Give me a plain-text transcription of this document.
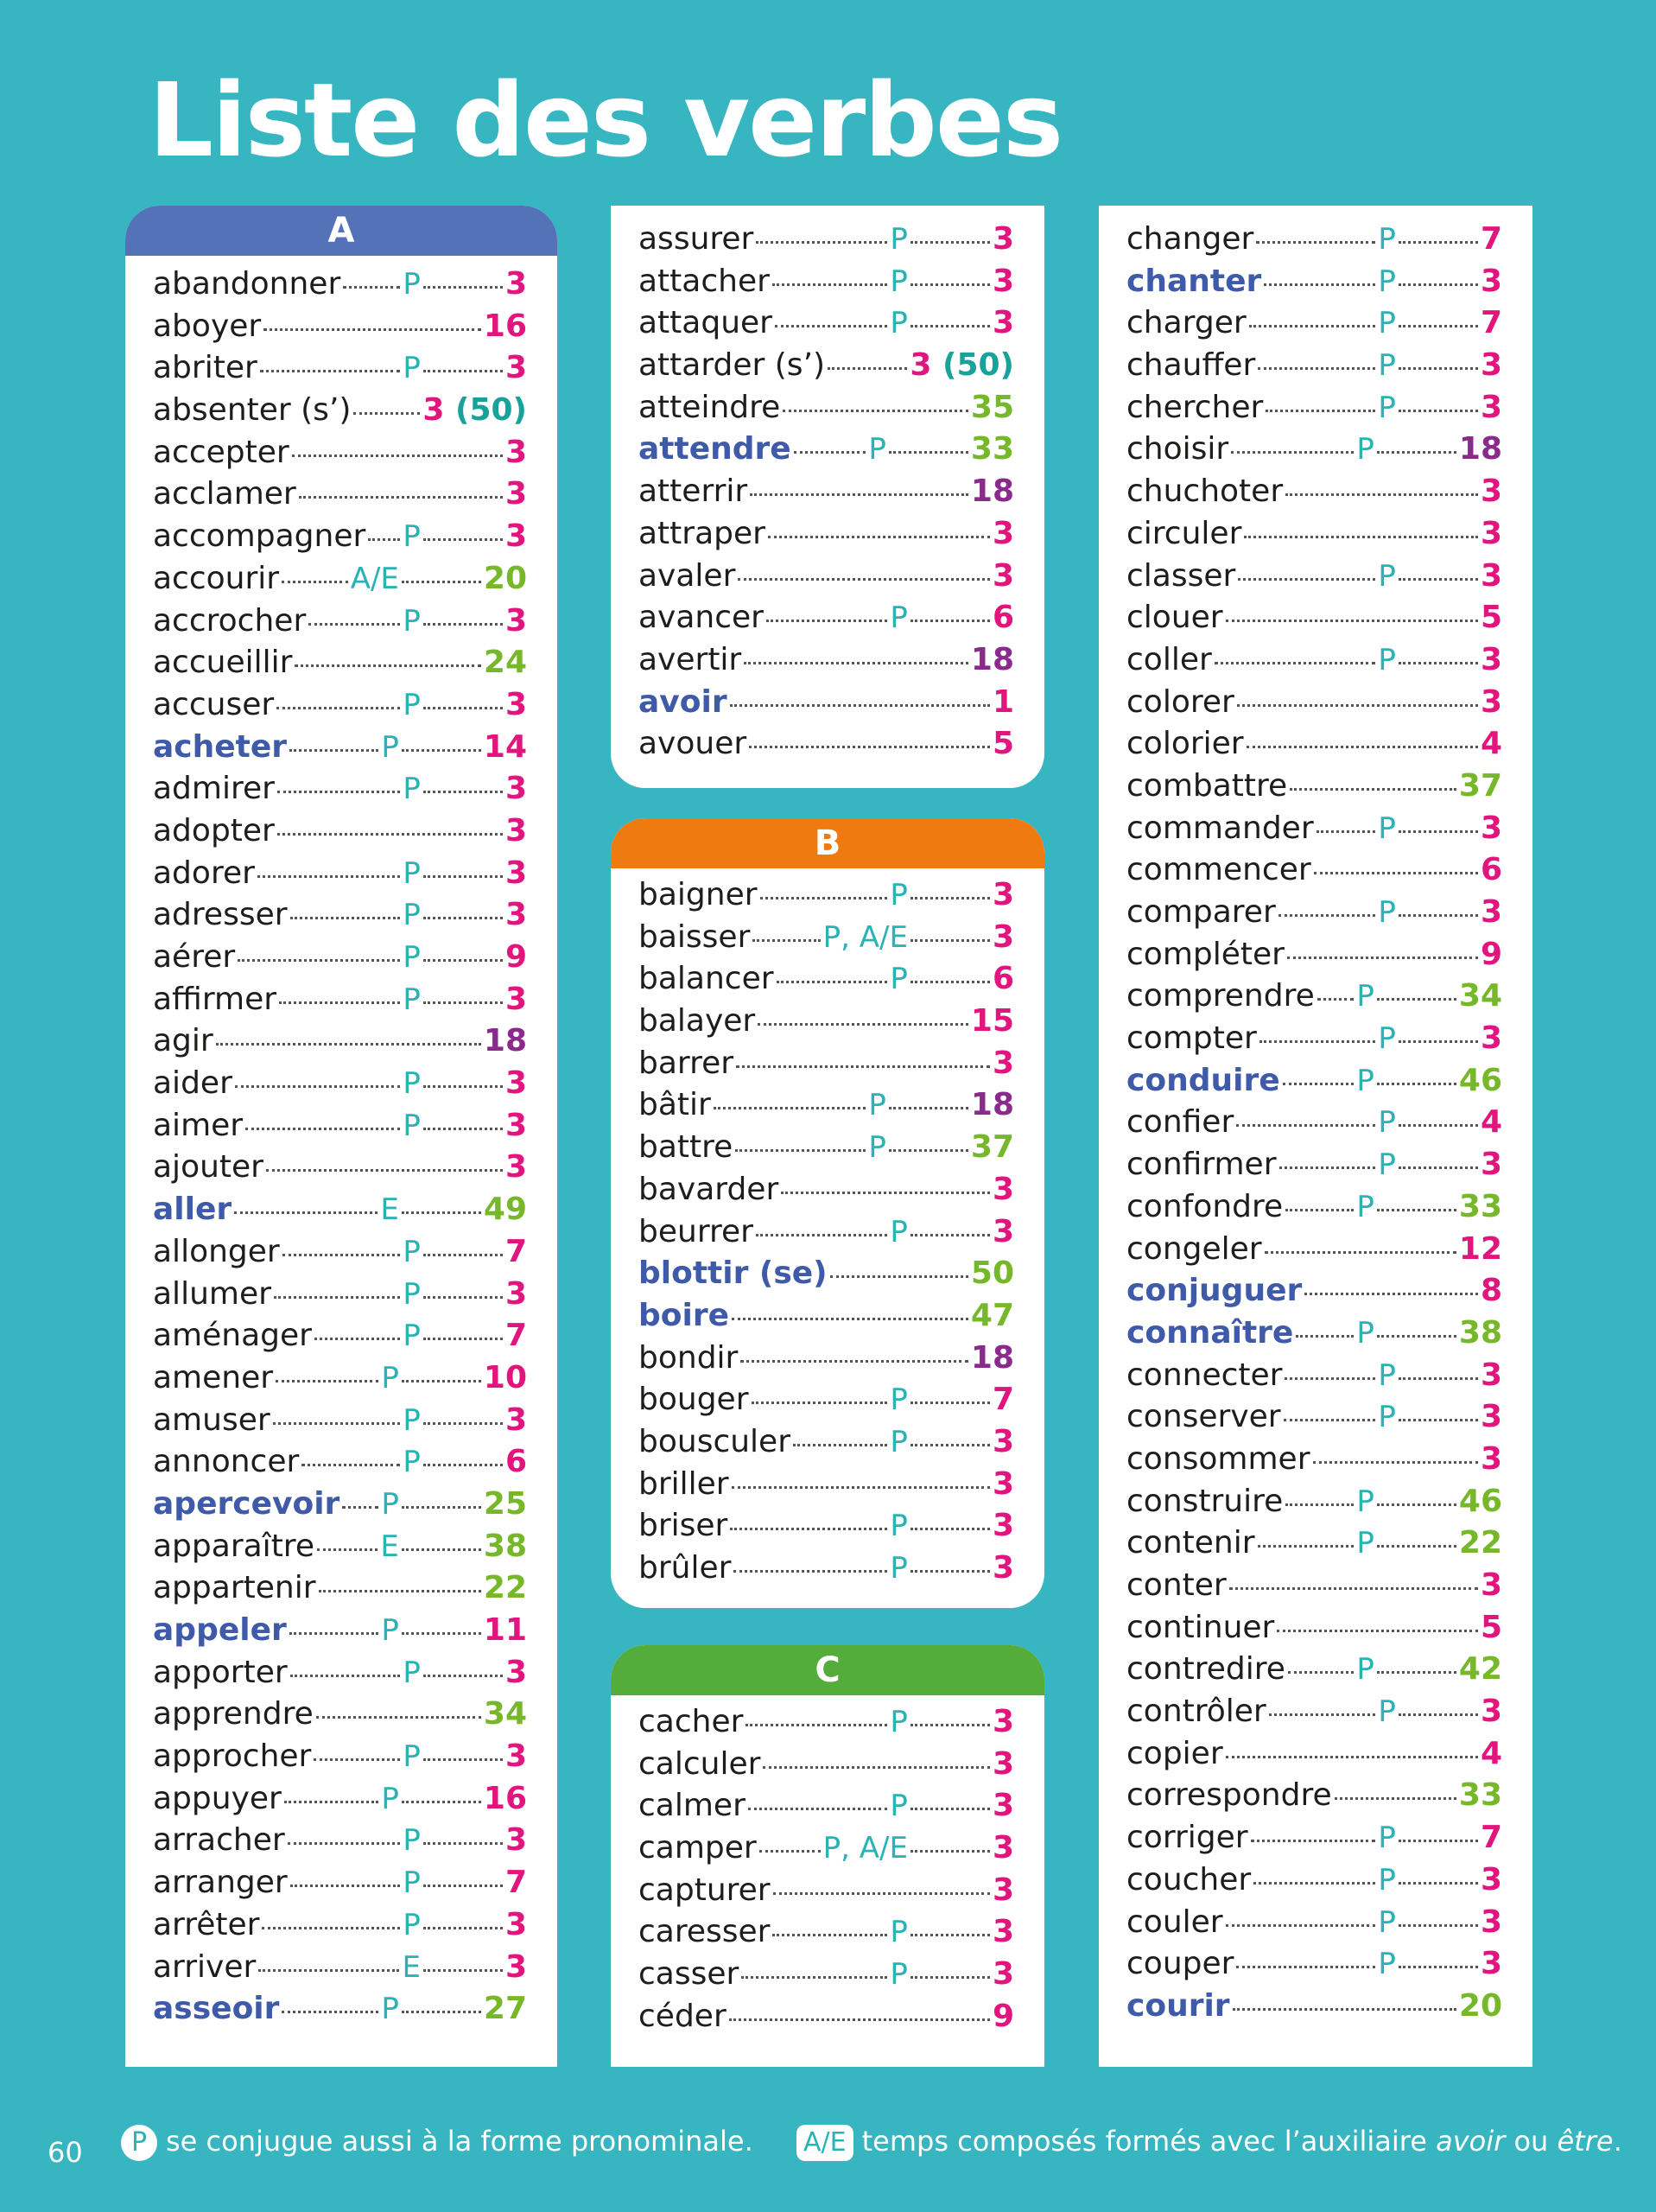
Liste des verbes
A
abandonner P	3
aboyer	16
abriter	P	3
absenter (s’) 3 (50)
accepter	3
acclamer	3
accompagner P	3
accourir A/E	20
accrocher	P	3
accueillir	24
accuser	P	3
acheter	P	14
admirer	P	3
adopter	3
adorer	P	3
adresser	P	3
aérer	P	9
affirmer	P	3
agir	18
aider	P	3
aimer	P	3
ajouter	3
aller	E	49
allonger	P	7
allumer	P	3
aménager	P	7
amener	P	10
amuser	P	3
annoncer	P	6
apercevoir P	25
apparaître E	38
appartenir	22
appeler	P	11
apporter	P	3
apprendre	34
approcher	P	3
appuyer	P	16
arracher	P	3
arranger	P	7
arrêter	P	3
arriver	E	3
asseoir	P	27
assurer	P	3
attacher	P	3
attaquer	P	3
attarder (s’)	3 (50)
atteindre	35
attendre	P	33
atterrir	18
attraper	3
avaler	3
avancer	P	6
avertir	18
avoir	1
avouer	5
B
baigner	P	3
baisser P, A/E	3
balancer	P	6
balayer	15
barrer	3
bâtir	P	18
battre	P	37
bavarder	3
beurrer	P	3
blottir (se)	50
boire	47
bondir	18
bouger	P	7
bousculer	P	3
briller	3
briser	P	3
brûler	P	3
C
cacher	P	3
calculer	3
calmer	P	3
camper P, A/E	3
capturer	3
caresser	P	3
casser	P	3
céder	9
changer	P	7
chanter	P	3
charger	P	7
chauffer	P	3
chercher	P	3
choisir	P	18
chuchoter	3
circuler	3
classer	P	3
clouer	5
coller	P	3
colorer	3
colorier	4
combattre	37
commander P	3
commencer	6
comparer	P	3
compléter	9
comprendre P	34
compter	P	3
conduire	P	46
confier	P	4
confirmer	P	3
confondre	P	33
congeler	12
conjuguer	8
connaître P	38
connecter	P	3
conserver	P	3
consommer	3
construire	P	46
contenir	P	22
conter	3
continuer	5
contredire P	42
contrôler	P	3
copier	4
correspondre	33
corriger	P	7
coucher	P	3
couler	P	3
couper	P	3
courir	20
60	P se conjugue aussi à la forme pronominale. A/E temps composés formés avec l’auxiliaire avoir ou être.
